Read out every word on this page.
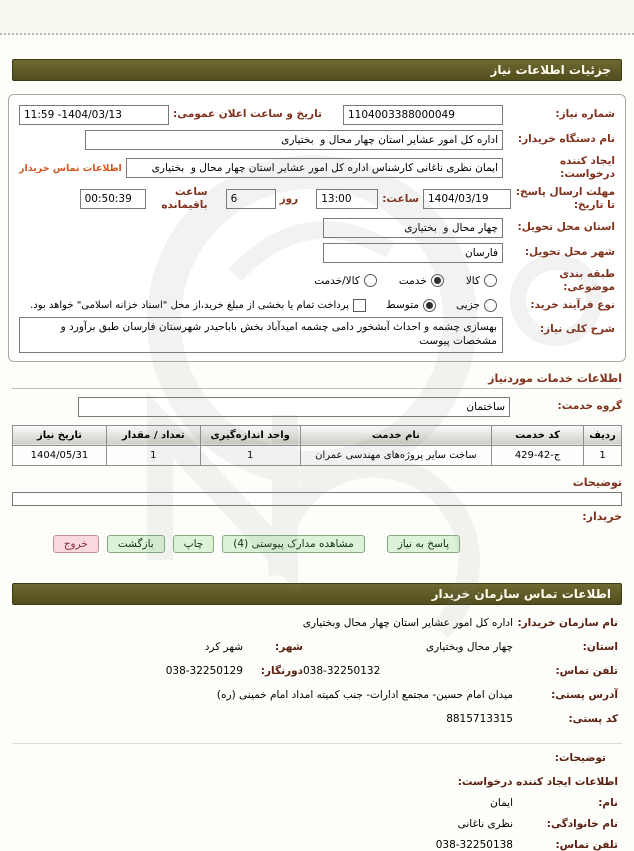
جزئیات اطلاعات نیاز
شماره نیاز:
1104003388000049
تاریخ و ساعت اعلان عمومی:
11:59 -1404/03/13
نام دستگاه خریدار:
اداره کل امور عشایر استان چهار محال و بختیاری
ایجاد کننده درخواست:
ایمان نظری ناغانی کارشناس اداره کل امور عشایر استان چهار محال و بختیاری
اطلاعات تماس خریدار
مهلت ارسال پاسخ: تا تاریخ:
1404/03/19
ساعت:
13:00
روز
6
ساعت باقیمانده
00:50:39
استان محل تحویل:
چهار محال و بختیاری
شهر محل تحویل:
فارسان
طبقه بندی موضوعی:
کالا
خدمت
کالا/خدمت
نوع فرآیند خرید:
جزیی
متوسط
پرداخت تمام یا بخشی از مبلغ خرید،از محل "اسناد خزانه اسلامی" خواهد بود.
شرح کلی نیاز:
بهسازی چشمه و احداث آبشخور دامی چشمه امیدآباد بخش باباحیدر شهرستان فارسان طبق برآورد و مشخصات پیوست
اطلاعات خدمات موردنیاز
گروه خدمت:
ساختمان
ردیف	کد خدمت	نام خدمت	واحد اندازه‌گیری	تعداد / مقدار	تاریخ نیاز
1	ج-42-429	ساخت سایر پروژه‌های مهندسی عمران	1	1	1404/05/31
توضیحات
خریدار:
پاسخ به نیاز
مشاهده مدارک پیوستی (4)
چاپ
بازگشت
خروج
اطلاعات تماس سازمان خریدار
نام سازمان خریدار:
اداره کل امور عشایر استان چهار محال وبختیاری
استان:
چهار محال وبختیاری
شهر:
شهر کرد
تلفن تماس:
038-32250132
دورنگار:
038-32250129
آدرس پستی:
میدان امام حسین- مجتمع ادارات- جنب کمیته امداد امام خمینی (ره)
کد پستی:
8815713315
توضیحات:
اطلاعات ایجاد کننده درخواست:
نام:
ایمان
نام خانوادگی:
نظری ناغانی
تلفن تماس:
038-32250138
